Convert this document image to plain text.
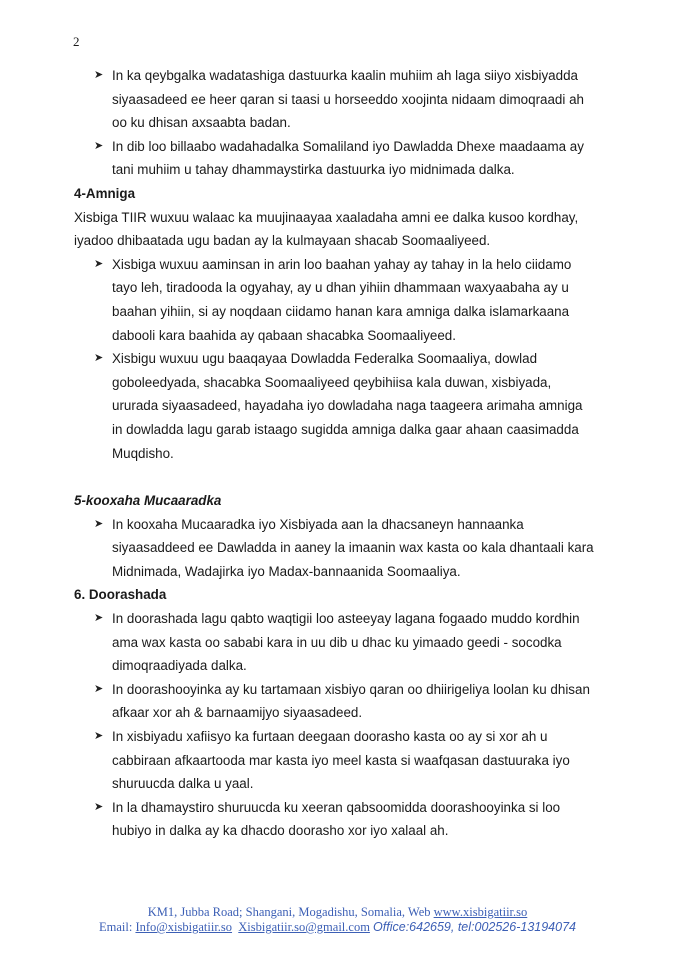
2
➤ In ka qeybgalka wadatashiga dastuurka kaalin muhiim ah laga siiyo xisbiyadda siyaasadeed ee heer qaran si taasi u horseeddo xoojinta nidaam dimoqraadi ah oo ku dhisan axsaabta badan.
➤ In dib loo billaabo wadahadalka Somaliland iyo Dawladda Dhexe maadaama ay tani muhiim u tahay dhammaystirka dastuurka iyo midnimada dalka.

4-Amniga

Xisbiga TIIR wuxuu walaac ka muujinaayaa xaaladaha amni ee dalka kusoo kordhay, iyadoo dhibaatada ugu badan ay la kulmayaan shacab Soomaaliyeed.

➤ Xisbiga wuxuu aaminsan in arin loo baahan yahay ay tahay in la helo ciidamo tayo leh, tiradooda la ogyahay, ay u dhan yihiin dhammaan waxyaabaha ay u baahan yihiin, si ay noqdaan ciidamo hanan kara amniga dalka islamarkaana dabooli kara baahida ay qabaan shacabka Soomaaliyeed.
➤ Xisbigu wuxuu ugu baaqayaa Dowladda Federalka Soomaaliya, dowlad goboleedyada, shacabka Soomaaliyeed qeybihiisa kala duwan, xisbiyada, ururada siyaasadeed, hayadaha iyo dowladaha naga taageera arimaha amniga in dowladda lagu garab istaago sugidda amniga dalka gaar ahaan caasimadda Muqdisho.

5-kooxaha Mucaaradka

➤ In kooxaha Mucaaradka iyo Xisbiyada aan la dhacsaneyn hannaanka siyaasaddeed ee Dawladda in aaney la imaanin wax kasta oo kala dhantaali kara Midnimada, Wadajirka iyo Madax-bannaanida Soomaaliya.

6. Doorashada

➤ In doorashada lagu qabto waqtigii loo asteeyay lagana fogaado muddo kordhin ama wax kasta oo sababi kara in uu dib u dhac ku yimaado geedi - socodka dimoqraadiyada dalka.
➤ In doorashooyinka ay ku tartamaan xisbiyo qaran oo dhiirigeliya loolan ku dhisan afkaar xor ah & barnaamijyo siyaasadeed.
➤ In xisbiyadu xafiisyo ka furtaan deegaan doorasho kasta oo ay si xor ah u cabbiraan afkaartooda mar kasta iyo meel kasta si waafqasan dastuuraka iyo shuruucda dalka u yaal.
➤ In la dhamaystiro shuruucda ku xeeran qabsoomidda doorashooyinka si loo hubiyo in dalka ay ka dhacdo doorasho xor iyo xalaal ah.
KM1, Jubba Road; Shangani, Mogadishu, Somalia, Web www.xisbigatiir.so
Email: Info@xisbigatiir.so Xisbigatiir.so@gmail.com Office:642659, tel:002526-13194074
